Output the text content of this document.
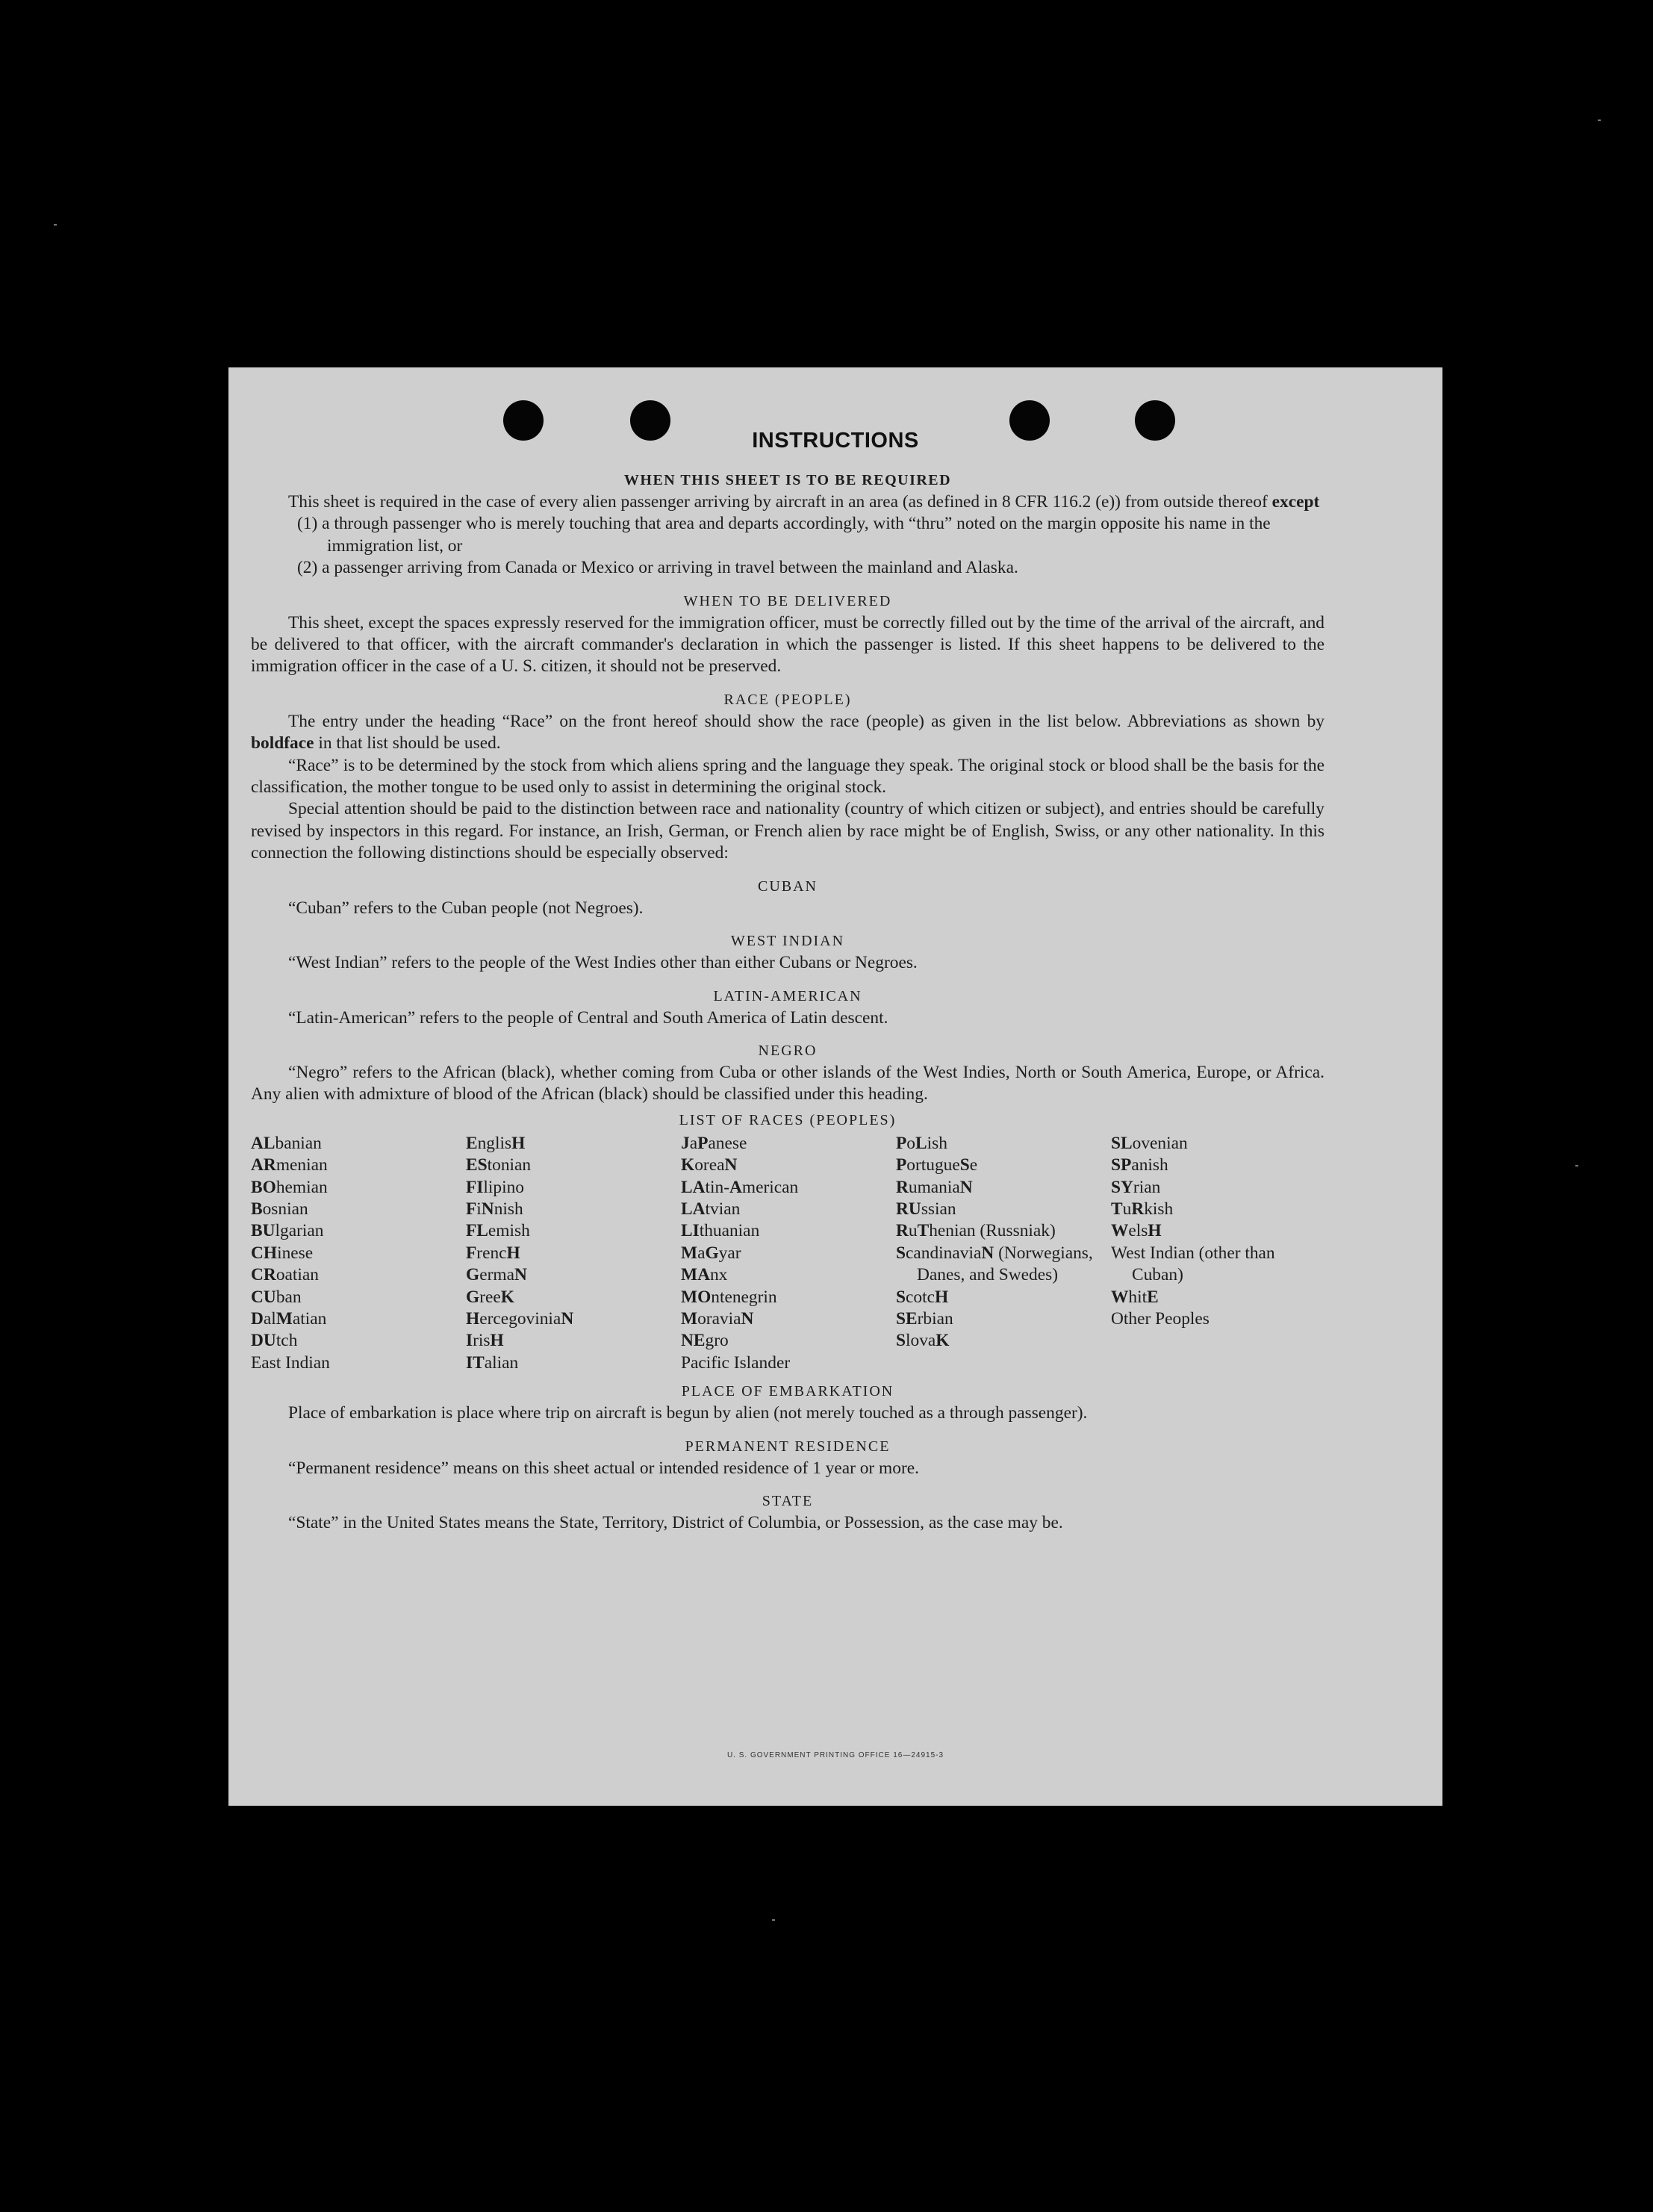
INSTRUCTIONS
WHEN THIS SHEET IS TO BE REQUIRED

This sheet is required in the case of every alien passenger arriving by aircraft in an area (as defined in 8 CFR 116.2 (e)) from outside thereof except

(1) a through passenger who is merely touching that area and departs accordingly, with “thru” noted on the margin opposite his name in the immigration list, or

(2) a passenger arriving from Canada or Mexico or arriving in travel between the mainland and Alaska.

WHEN TO BE DELIVERED

This sheet, except the spaces expressly reserved for the immigration officer, must be correctly filled out by the time of the arrival of the aircraft, and be delivered to that officer, with the aircraft commander's declaration in which the passenger is listed. If this sheet happens to be delivered to the immigration officer in the case of a U. S. citizen, it should not be preserved.

RACE (PEOPLE)

The entry under the heading “Race” on the front hereof should show the race (people) as given in the list below. Abbreviations as shown by boldface in that list should be used.

“Race” is to be determined by the stock from which aliens spring and the language they speak. The original stock or blood shall be the basis for the classification, the mother tongue to be used only to assist in determining the original stock.

Special attention should be paid to the distinction between race and nationality (country of which citizen or subject), and entries should be carefully revised by inspectors in this regard. For instance, an Irish, German, or French alien by race might be of English, Swiss, or any other nationality. In this connection the following distinctions should be especially observed:

CUBAN

“Cuban” refers to the Cuban people (not Negroes).

WEST INDIAN

“West Indian” refers to the people of the West Indies other than either Cubans or Negroes.

LATIN-AMERICAN

“Latin-American” refers to the people of Central and South America of Latin descent.

NEGRO

“Negro” refers to the African (black), whether coming from Cuba or other islands of the West Indies, North or South America, Europe, or Africa. Any alien with admixture of blood of the African (black) should be classified under this heading.

LIST OF RACES (PEOPLES)
ALbanian
ARmenian
BOhemian
Bosnian
BUlgarian
CHinese
CRoatian
CUban
DalMatian
DUtch
East Indian
EnglisH
EStonian
FIlipino
FiNnish
FLemish
FrencH
GermaN
GreeK
HercegoviniaN
IrisH
ITalian
JaPanese
KoreaN
LAtin-American
LAtvian
LIthuanian
MaGyar
MAnx
MOntenegrin
MoraviaN
NEgro
Pacific Islander
PoLish
PortugueSe
RumaniaN
RUssian
RuThenian (Russniak)
ScandinaviaN (Norwegians, Danes, and Swedes)
ScotcH
SErbian
SlovaK
SLovenian
SPanish
SYrian
TuRkish
WelsH
West Indian (other than Cuban)
WhitE
Other Peoples
PLACE OF EMBARKATION

Place of embarkation is place where trip on aircraft is begun by alien (not merely touched as a through passenger).

PERMANENT RESIDENCE

“Permanent residence” means on this sheet actual or intended residence of 1 year or more.

STATE

“State” in the United States means the State, Territory, District of Columbia, or Possession, as the case may be.

U. S. GOVERNMENT PRINTING OFFICE 16—24915-3
